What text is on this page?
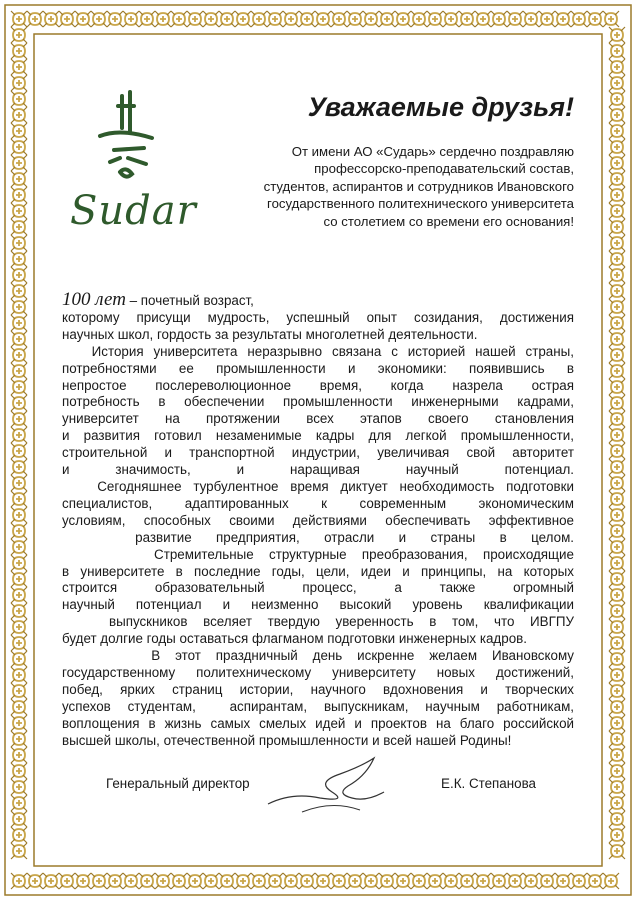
Sudar
Уважаемые друзья!
От имени АО «Сударь» сердечно поздравляю
профессорско-преподавательский состав,
студентов, аспирантов и сотрудников Ивановского
государственного политехнического университета
со столетием со времени его основания!
100 лет – почетный возраст,
которому присущи мудрость, успешный опыт созидания, достижения
научных школ, гордость за результаты многолетней деятельности.
История университета неразрывно связана с историей нашей страны,
потребностями ее промышленности и экономики: появившись в
непростое послереволюционное время, когда назрела острая
потребность в обеспечении промышленности инженерными кадрами,
университет на протяжении всех этапов своего становления
и развития готовил незаменимые кадры для легкой промышленности,
строительной и транспортной индустрии, увеличивая свой авторитет
и значимость, и наращивая научный потенциал.
Сегодняшнее турбулентное время диктует необходимость подготовки
специалистов, адаптированных к современным экономическим
условиям, способных своими действиями обеспечивать эффективное
развитие предприятия, отрасли и страны в целом.
Стремительные структурные преобразования, происходящие
в университете в последние годы, цели, идеи и принципы, на которых
строится образовательный процесс, а также огромный
научный потенциал и неизменно высокий уровень квалификации
выпускников вселяет твердую уверенность в том, что ИВГПУ
будет долгие годы оставаться флагманом подготовки инженерных кадров.
В этот праздничный день искренне желаем Ивановскому
государственному политехническому университету новых достижений,
побед, ярких страниц истории, научного вдохновения и творческих
успехов студентам,  аспирантам, выпускникам, научным работникам,
воплощения в жизнь самых смелых идей и проектов на благо российской
высшей школы, отечественной промышленности и всей нашей Родины!
Генеральный директор	Е.К. Степанова
